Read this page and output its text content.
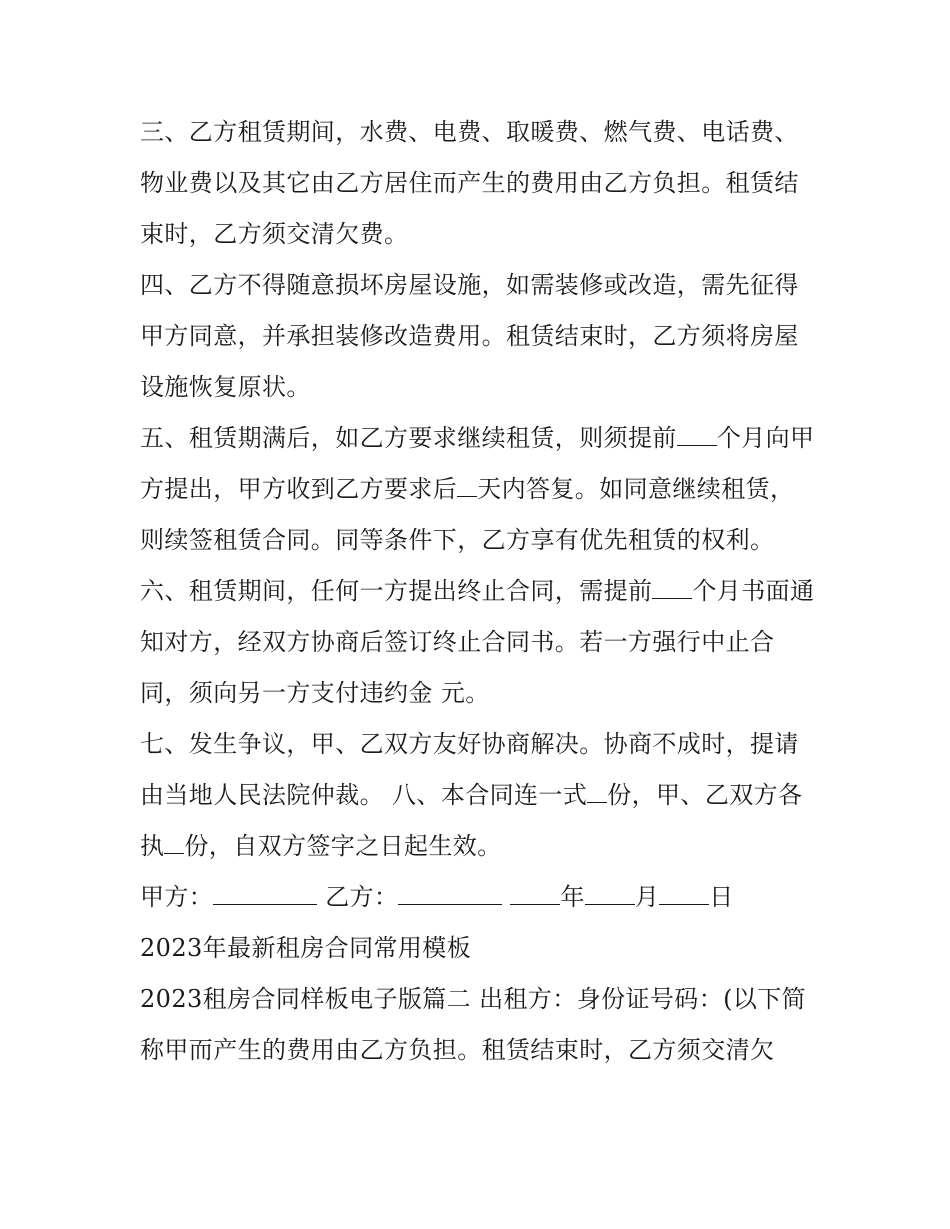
三、乙方租赁期间，水费、电费、取暖费、燃气费、电话费、物业费以及其它由乙方居住而产生的费用由乙方负担。租赁结束时，乙方须交清欠费。

四、乙方不得随意损坏房屋设施，如需装修或改造，需先征得甲方同意，并承担装修改造费用。租赁结束时，乙方须将房屋设施恢复原状。

五、租赁期满后，如乙方要求继续租赁，则须提前 个月向甲方提出，甲方收到乙方要求后 天内答复。如同意继续租赁，则续签租赁合同。同等条件下，乙方享有优先租赁的权利。

六、租赁期间，任何一方提出终止合同，需提前 个月书面通知对方，经双方协商后签订终止合同书。若一方强行中止合同，须向另一方支付违约金 元。

七、发生争议，甲、乙双方友好协商解决。协商不成时，提请由当地人民法院仲裁。 八、本合同连一式 份，甲、乙双方各执 份，自双方签字之日起生效。

甲方：	乙方：	年 月 日

2023年最新租房合同常用模板

2023租房合同样板电子版篇二 出租方：身份证号码：(以下简称甲而产生的费用由乙方负担。租赁结束时，乙方须交清欠
